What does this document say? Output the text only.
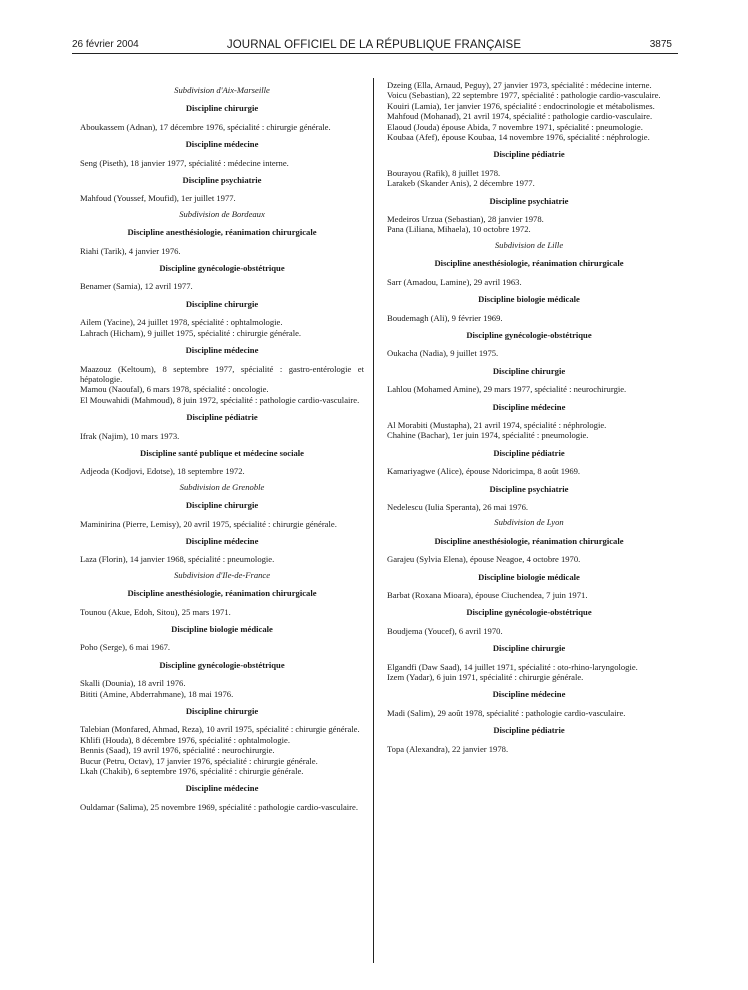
26 février 2004	JOURNAL OFFICIEL DE LA RÉPUBLIQUE FRANÇAISE	3875
Subdivision d'Aix-Marseille
Discipline chirurgie
Aboukassem (Adnan), 17 décembre 1976, spécialité : chirurgie générale.
Discipline médecine
Seng (Piseth), 18 janvier 1977, spécialité : médecine interne.
Discipline psychiatrie
Mahfoud (Youssef, Moufid), 1er juillet 1977.
Subdivision de Bordeaux
Discipline anesthésiologie, réanimation chirurgicale
Riahi (Tarik), 4 janvier 1976.
Discipline gynécologie-obstétrique
Benamer (Samia), 12 avril 1977.
Discipline chirurgie
Ailem (Yacine), 24 juillet 1978, spécialité : ophtalmologie.
Lahrach (Hicham), 9 juillet 1975, spécialité : chirurgie générale.
Discipline médecine
Maazouz (Keltoum), 8 septembre 1977, spécialité : gastro-entérologie et hépatologie.
Mamou (Naoufal), 6 mars 1978, spécialité : oncologie.
El Mouwahidi (Mahmoud), 8 juin 1972, spécialité : pathologie cardio-vasculaire.
Discipline pédiatrie
Ifrak (Najim), 10 mars 1973.
Discipline santé publique et médecine sociale
Adjeoda (Kodjovi, Edotse), 18 septembre 1972.
Subdivision de Grenoble
Discipline chirurgie
Maminirina (Pierre, Lemisy), 20 avril 1975, spécialité : chirurgie générale.
Discipline médecine
Laza (Florin), 14 janvier 1968, spécialité : pneumologie.
Subdivision d'Ile-de-France
Discipline anesthésiologie, réanimation chirurgicale
Tounou (Akue, Edoh, Sitou), 25 mars 1971.
Discipline biologie médicale
Poho (Serge), 6 mai 1967.
Discipline gynécologie-obstétrique
Skalli (Dounia), 18 avril 1976.
Bititi (Amine, Abderrahmane), 18 mai 1976.
Discipline chirurgie
Talebian (Monfared, Ahmad, Reza), 10 avril 1975, spécialité : chirurgie générale.
Khlifi (Houda), 8 décembre 1976, spécialité : ophtalmologie.
Bennis (Saad), 19 avril 1976, spécialité : neurochirurgie.
Bucur (Petru, Octav), 17 janvier 1976, spécialité : chirurgie générale.
Lkah (Chakib), 6 septembre 1976, spécialité : chirurgie générale.
Discipline médecine
Ouldamar (Salima), 25 novembre 1969, spécialité : pathologie cardio-vasculaire.
Dzeing (Ella, Arnaud, Peguy), 27 janvier 1973, spécialité : médecine interne.
Voicu (Sebastian), 22 septembre 1977, spécialité : pathologie cardio-vasculaire.
Kouiri (Lamia), 1er janvier 1976, spécialité : endocrinologie et métabolismes.
Mahfoud (Mohanad), 21 avril 1974, spécialité : pathologie cardio-vasculaire.
Elaoud (Jouda) épouse Abida, 7 novembre 1971, spécialité : pneumologie.
Koubaa (Afef), épouse Koubaa, 14 novembre 1976, spécialité : néphrologie.
Discipline pédiatrie
Bourayou (Rafik), 8 juillet 1978.
Larakeb (Skander Anis), 2 décembre 1977.
Discipline psychiatrie
Medeiros Urzua (Sebastian), 28 janvier 1978.
Pana (Liliana, Mihaela), 10 octobre 1972.
Subdivision de Lille
Discipline anesthésiologie, réanimation chirurgicale
Sarr (Amadou, Lamine), 29 avril 1963.
Discipline biologie médicale
Boudemagh (Ali), 9 février 1969.
Discipline gynécologie-obstétrique
Oukacha (Nadia), 9 juillet 1975.
Discipline chirurgie
Lahlou (Mohamed Amine), 29 mars 1977, spécialité : neurochirurgie.
Discipline médecine
Al Morabiti (Mustapha), 21 avril 1974, spécialité : néphrologie.
Chahine (Bachar), 1er juin 1974, spécialité : pneumologie.
Discipline pédiatrie
Kamariyagwe (Alice), épouse Ndoricimpa, 8 août 1969.
Discipline psychiatrie
Nedelescu (Iulia Speranta), 26 mai 1976.
Subdivision de Lyon
Discipline anesthésiologie, réanimation chirurgicale
Garajeu (Sylvia Elena), épouse Neagoe, 4 octobre 1970.
Discipline biologie médicale
Barbat (Roxana Mioara), épouse Ciuchendea, 7 juin 1971.
Discipline gynécologie-obstétrique
Boudjema (Youcef), 6 avril 1970.
Discipline chirurgie
Elgandfi (Daw Saad), 14 juillet 1971, spécialité : oto-rhino-laryngologie.
Izem (Yadar), 6 juin 1971, spécialité : chirurgie générale.
Discipline médecine
Madi (Salim), 29 août 1978, spécialité : pathologie cardio-vasculaire.
Discipline pédiatrie
Topa (Alexandra), 22 janvier 1978.
